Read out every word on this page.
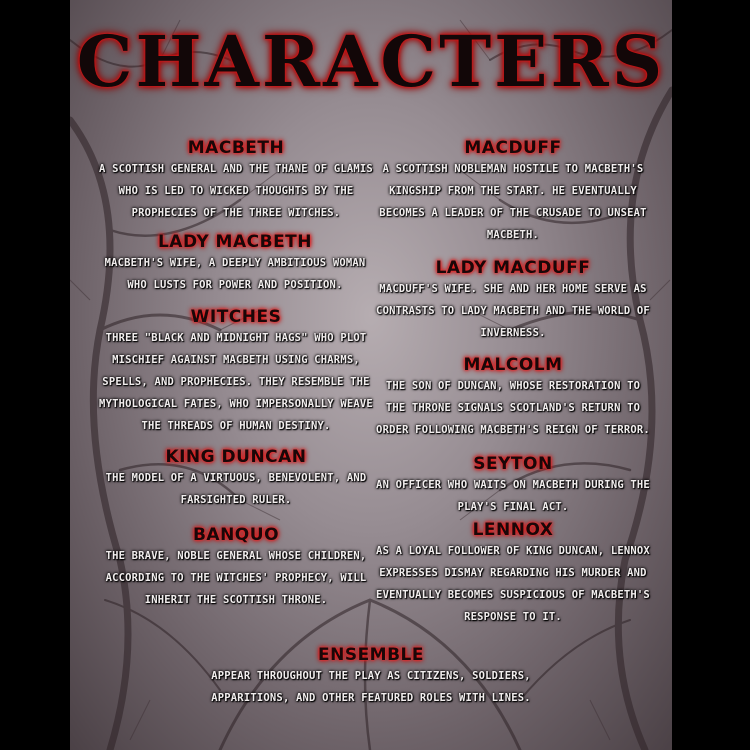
CHARACTERS
MACBETH
A SCOTTISH GENERAL AND THE THANE OF GLAMIS WHO IS LED TO WICKED THOUGHTS BY THE PROPHECIES OF THE THREE WITCHES.
LADY MACBETH
MACBETH'S WIFE, A DEEPLY AMBITIOUS WOMAN WHO LUSTS FOR POWER AND POSITION.
WITCHES
THREE "BLACK AND MIDNIGHT HAGS" WHO PLOT MISCHIEF AGAINST MACBETH USING CHARMS, SPELLS, AND PROPHECIES. THEY RESEMBLE THE MYTHOLOGICAL FATES, WHO IMPERSONALLY WEAVE THE THREADS OF HUMAN DESTINY.
KING DUNCAN
THE MODEL OF A VIRTUOUS, BENEVOLENT, AND FARSIGHTED RULER.
BANQUO
THE BRAVE, NOBLE GENERAL WHOSE CHILDREN, ACCORDING TO THE WITCHES' PROPHECY, WILL INHERIT THE SCOTTISH THRONE.
MACDUFF
A SCOTTISH NOBLEMAN HOSTILE TO MACBETH'S KINGSHIP FROM THE START. HE EVENTUALLY BECOMES A LEADER OF THE CRUSADE TO UNSEAT MACBETH.
LADY MACDUFF
MACDUFF'S WIFE. SHE AND HER HOME SERVE AS CONTRASTS TO LADY MACBETH AND THE WORLD OF INVERNESS.
MALCOLM
THE SON OF DUNCAN, WHOSE RESTORATION TO THE THRONE SIGNALS SCOTLAND'S RETURN TO ORDER FOLLOWING MACBETH'S REIGN OF TERROR.
SEYTON
AN OFFICER WHO WAITS ON MACBETH DURING THE PLAY'S FINAL ACT.
LENNOX
AS A LOYAL FOLLOWER OF KING DUNCAN, LENNOX EXPRESSES DISMAY REGARDING HIS MURDER AND EVENTUALLY BECOMES SUSPICIOUS OF MACBETH'S RESPONSE TO IT.
ENSEMBLE
APPEAR THROUGHOUT THE PLAY AS CITIZENS, SOLDIERS, APPARITIONS, AND OTHER FEATURED ROLES WITH LINES.
